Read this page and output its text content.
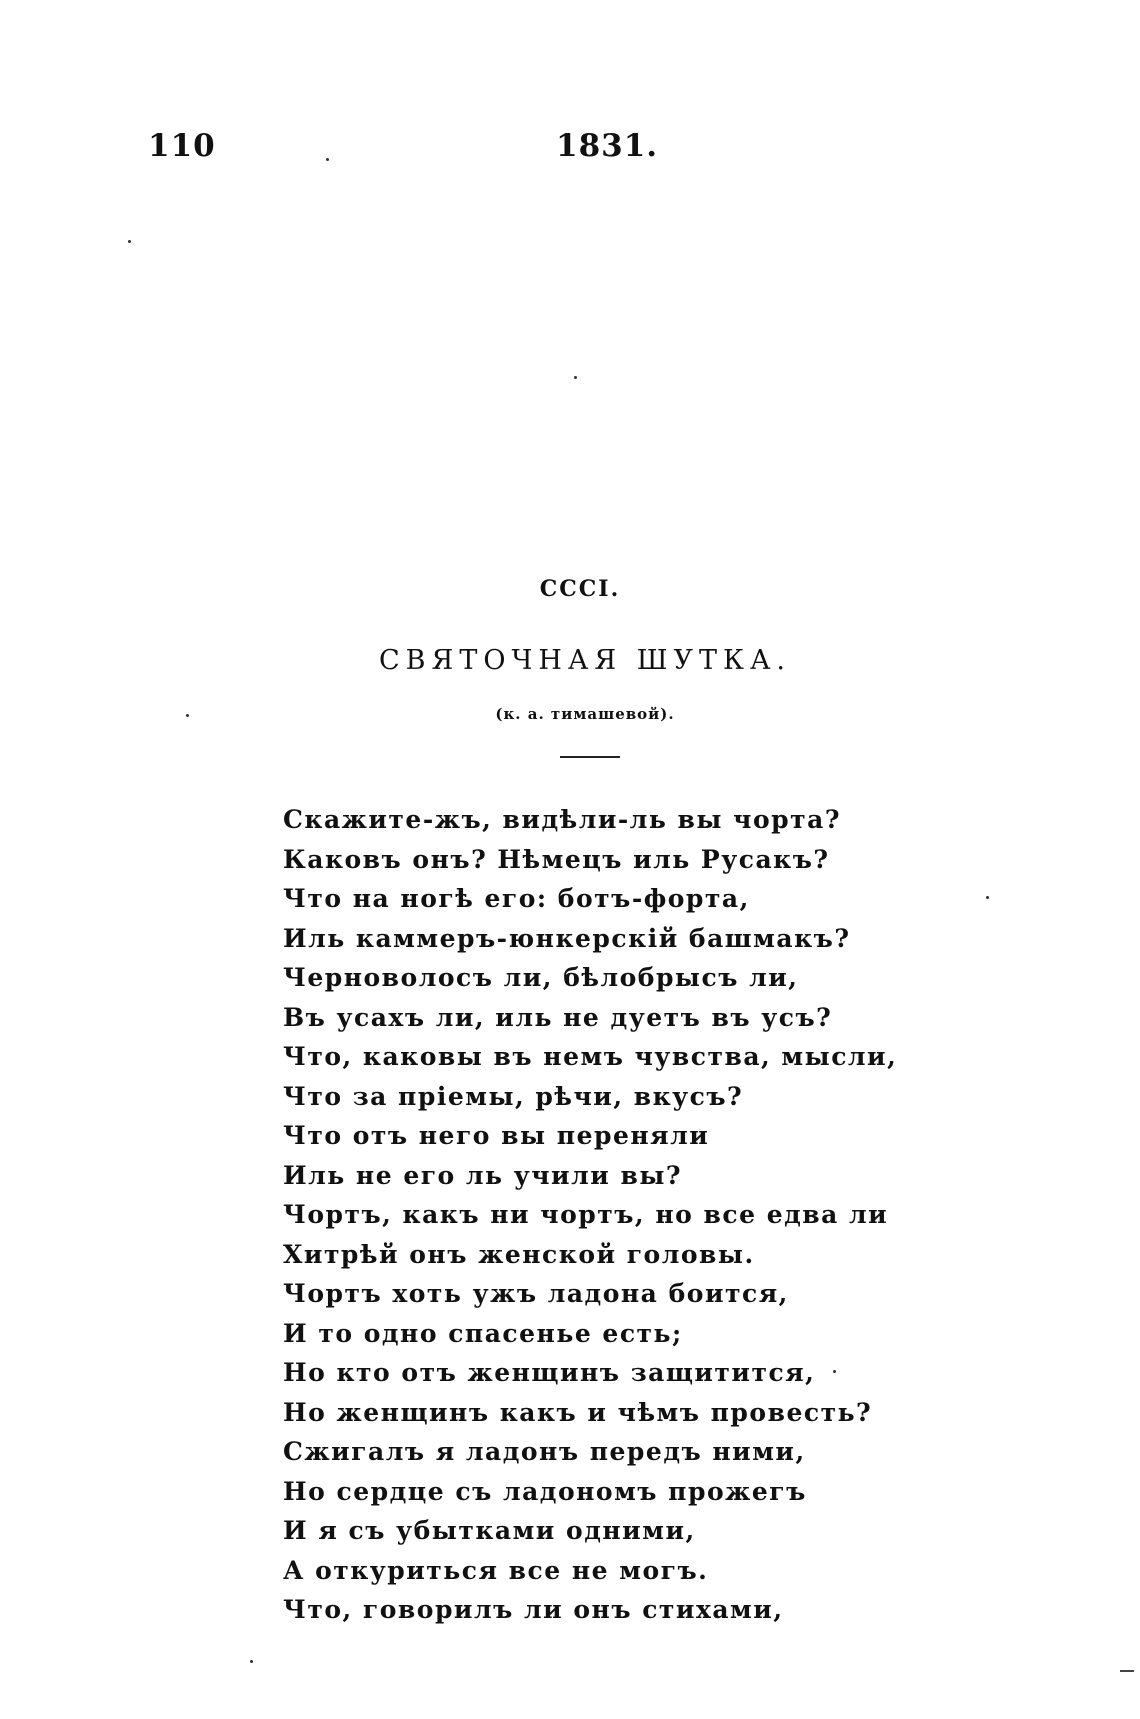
110	1831.
CCCI.
СВЯТОЧНАЯ ШУТКА.
(к. а. тимашевой).
Скажите-жъ, видѣли-ль вы чорта?
Каковъ онъ? Нѣмецъ иль Русакъ?
Что на ногѣ его: ботъ-форта,
Иль каммеръ-юнкерскій башмакъ?
Черноволосъ ли, бѣлобрысъ ли,
Въ усахъ ли, иль не дуетъ въ усъ?
Что, каковы въ немъ чувства, мысли,
Что за пріемы, рѣчи, вкусъ?
Что отъ него вы переняли
Иль не его ль учили вы?
Чортъ, какъ ни чортъ, но все едва ли
Хитрѣй онъ женской головы.
Чортъ хоть ужъ ладона боится,
И то одно спасенье есть;
Но кто отъ женщинъ защитится,
Но женщинъ какъ и чѣмъ провесть?
Сжигалъ я ладонъ передъ ними,
Но сердце съ ладономъ прожегъ
И я съ убытками одними,
А откуриться все не могъ.
Что, говорилъ ли онъ стихами,
